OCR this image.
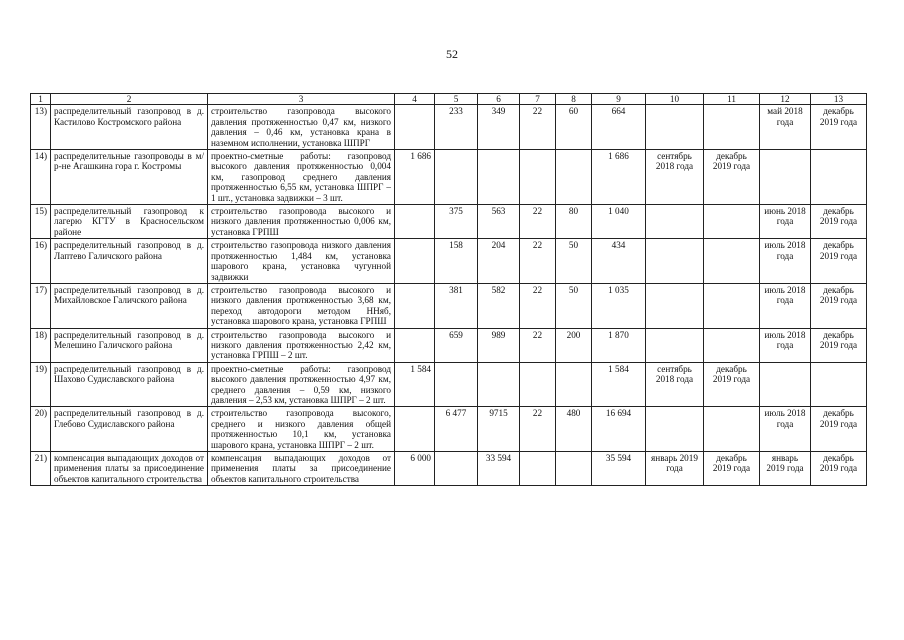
52
1	2	3	4	5	6	7	8	9	10	11	12	13
13)	распределительный газопровод в д. Кастилово Костромского района	строительство газопровода высокого давления протяженностью 0,47 км, низкого давления – 0,46 км, установка крана в наземном исполнении, установка ШПРГ		233	349	22	60	664			май 2018 года	декабрь 2019 года
14)	распределительные газопроводы в м/р-не Агашкина гора г. Костромы	проектно-сметные работы: газопровод высокого давления протяженностью 0,004 км, газопровод среднего давления протяженностью 6,55 км, установка ШПРГ – 1 шт., установка задвижки – 3 шт.	1 686					1 686	сентябрь 2018 года	декабрь 2019 года		
15)	распределительный газопровод к лагерю КГТУ в Красносельском районе	строительство газопровода высокого и низкого давления протяженностью 0,006 км, установка ГРПШ		375	563	22	80	1 040			июнь 2018 года	декабрь 2019 года
16)	распределительный газопровод в д. Лаптево Галичского района	строительство газопровода низкого давления протяженностью 1,484 км, установка шарового крана, установка чугунной задвижки		158	204	22	50	434			июль 2018 года	декабрь 2019 года
17)	распределительный газопровод в д. Михайловское Галичского района	строительство газопровода высокого и низкого давления протяженностью 3,68 км, переход автодороги методом ННяб, установка шарового крана, установка ГРПШ		381	582	22	50	1 035			июль 2018 года	декабрь 2019 года
18)	распределительный газопровод в д. Мелешино Галичского района	строительство газопровода высокого и низкого давления протяженностью 2,42 км, установка ГРПШ – 2 шт.		659	989	22	200	1 870			июль 2018 года	декабрь 2019 года
19)	распределительный газопровод в д. Шахово Судиславского района	проектно-сметные работы: газопровод высокого давления протяженностью 4,97 км, среднего давления – 0,59 км, низкого давления – 2,53 км, установка ШПРГ – 2 шт.	1 584					1 584	сентябрь 2018 года	декабрь 2019 года		
20)	распределительный газопровод в д. Глебово Судиславского района	строительство газопровода высокого, среднего и низкого давления общей протяженностью 10,1 км, установка шарового крана, установка ШПРГ – 2 шт.		6 477	9715	22	480	16 694			июль 2018 года	декабрь 2019 года
21)	компенсация выпадающих доходов от применения платы за присоединение объектов капитального строительства	компенсация выпадающих доходов от применения платы за присоединение объектов капитального строительства	6 000		33 594			35 594	январь 2019 года	декабрь 2019 года	январь 2019 года	декабрь 2019 года
